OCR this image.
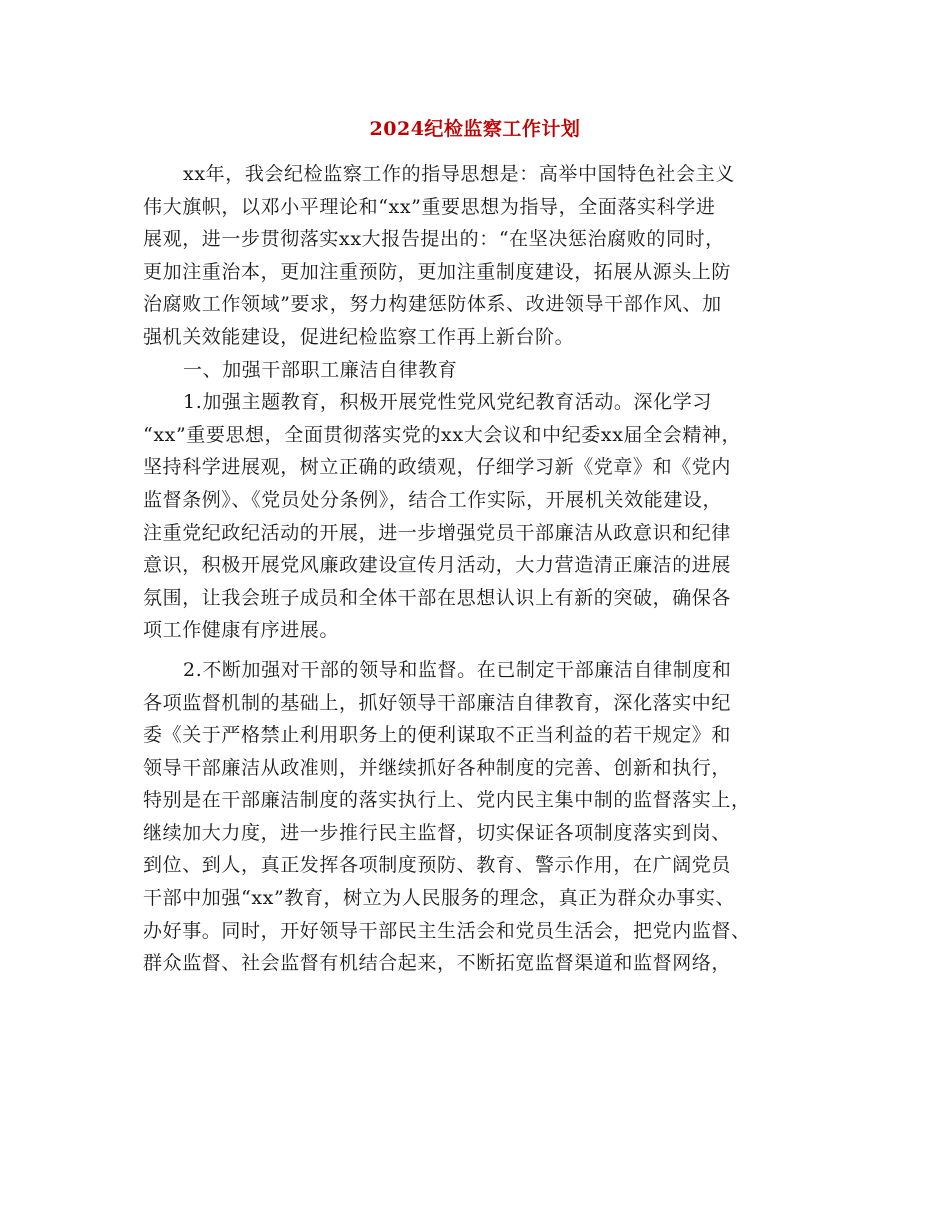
2024纪检监察工作计划
xx年，我会纪检监察工作的指导思想是：高举中国特色社会主义
伟大旗帜，以邓小平理论和“xx”重要思想为指导，全面落实科学进
展观，进一步贯彻落实xx大报告提出的：“在坚决惩治腐败的同时，
更加注重治本，更加注重预防，更加注重制度建设，拓展从源头上防
治腐败工作领域”要求，努力构建惩防体系、改进领导干部作风、加
强机关效能建设，促进纪检监察工作再上新台阶。
一、加强干部职工廉洁自律教育
1.加强主题教育，积极开展党性党风党纪教育活动。深化学习
“xx”重要思想，全面贯彻落实党的xx大会议和中纪委xx届全会精神，
坚持科学进展观，树立正确的政绩观，仔细学习新《党章》和《党内
监督条例》、《党员处分条例》，结合工作实际，开展机关效能建设，
注重党纪政纪活动的开展，进一步增强党员干部廉洁从政意识和纪律
意识，积极开展党风廉政建设宣传月活动，大力营造清正廉洁的进展
氛围，让我会班子成员和全体干部在思想认识上有新的突破，确保各
项工作健康有序进展。
2.不断加强对干部的领导和监督。在已制定干部廉洁自律制度和
各项监督机制的基础上，抓好领导干部廉洁自律教育，深化落实中纪
委《关于严格禁止利用职务上的便利谋取不正当利益的若干规定》和
领导干部廉洁从政准则，并继续抓好各种制度的完善、创新和执行，
特别是在干部廉洁制度的落实执行上、党内民主集中制的监督落实上，
继续加大力度，进一步推行民主监督，切实保证各项制度落实到岗、
到位、到人，真正发挥各项制度预防、教育、警示作用，在广阔党员
干部中加强“xx”教育，树立为人民服务的理念，真正为群众办事实、
办好事。同时，开好领导干部民主生活会和党员生活会，把党内监督、
群众监督、社会监督有机结合起来，不断拓宽监督渠道和监督网络，
